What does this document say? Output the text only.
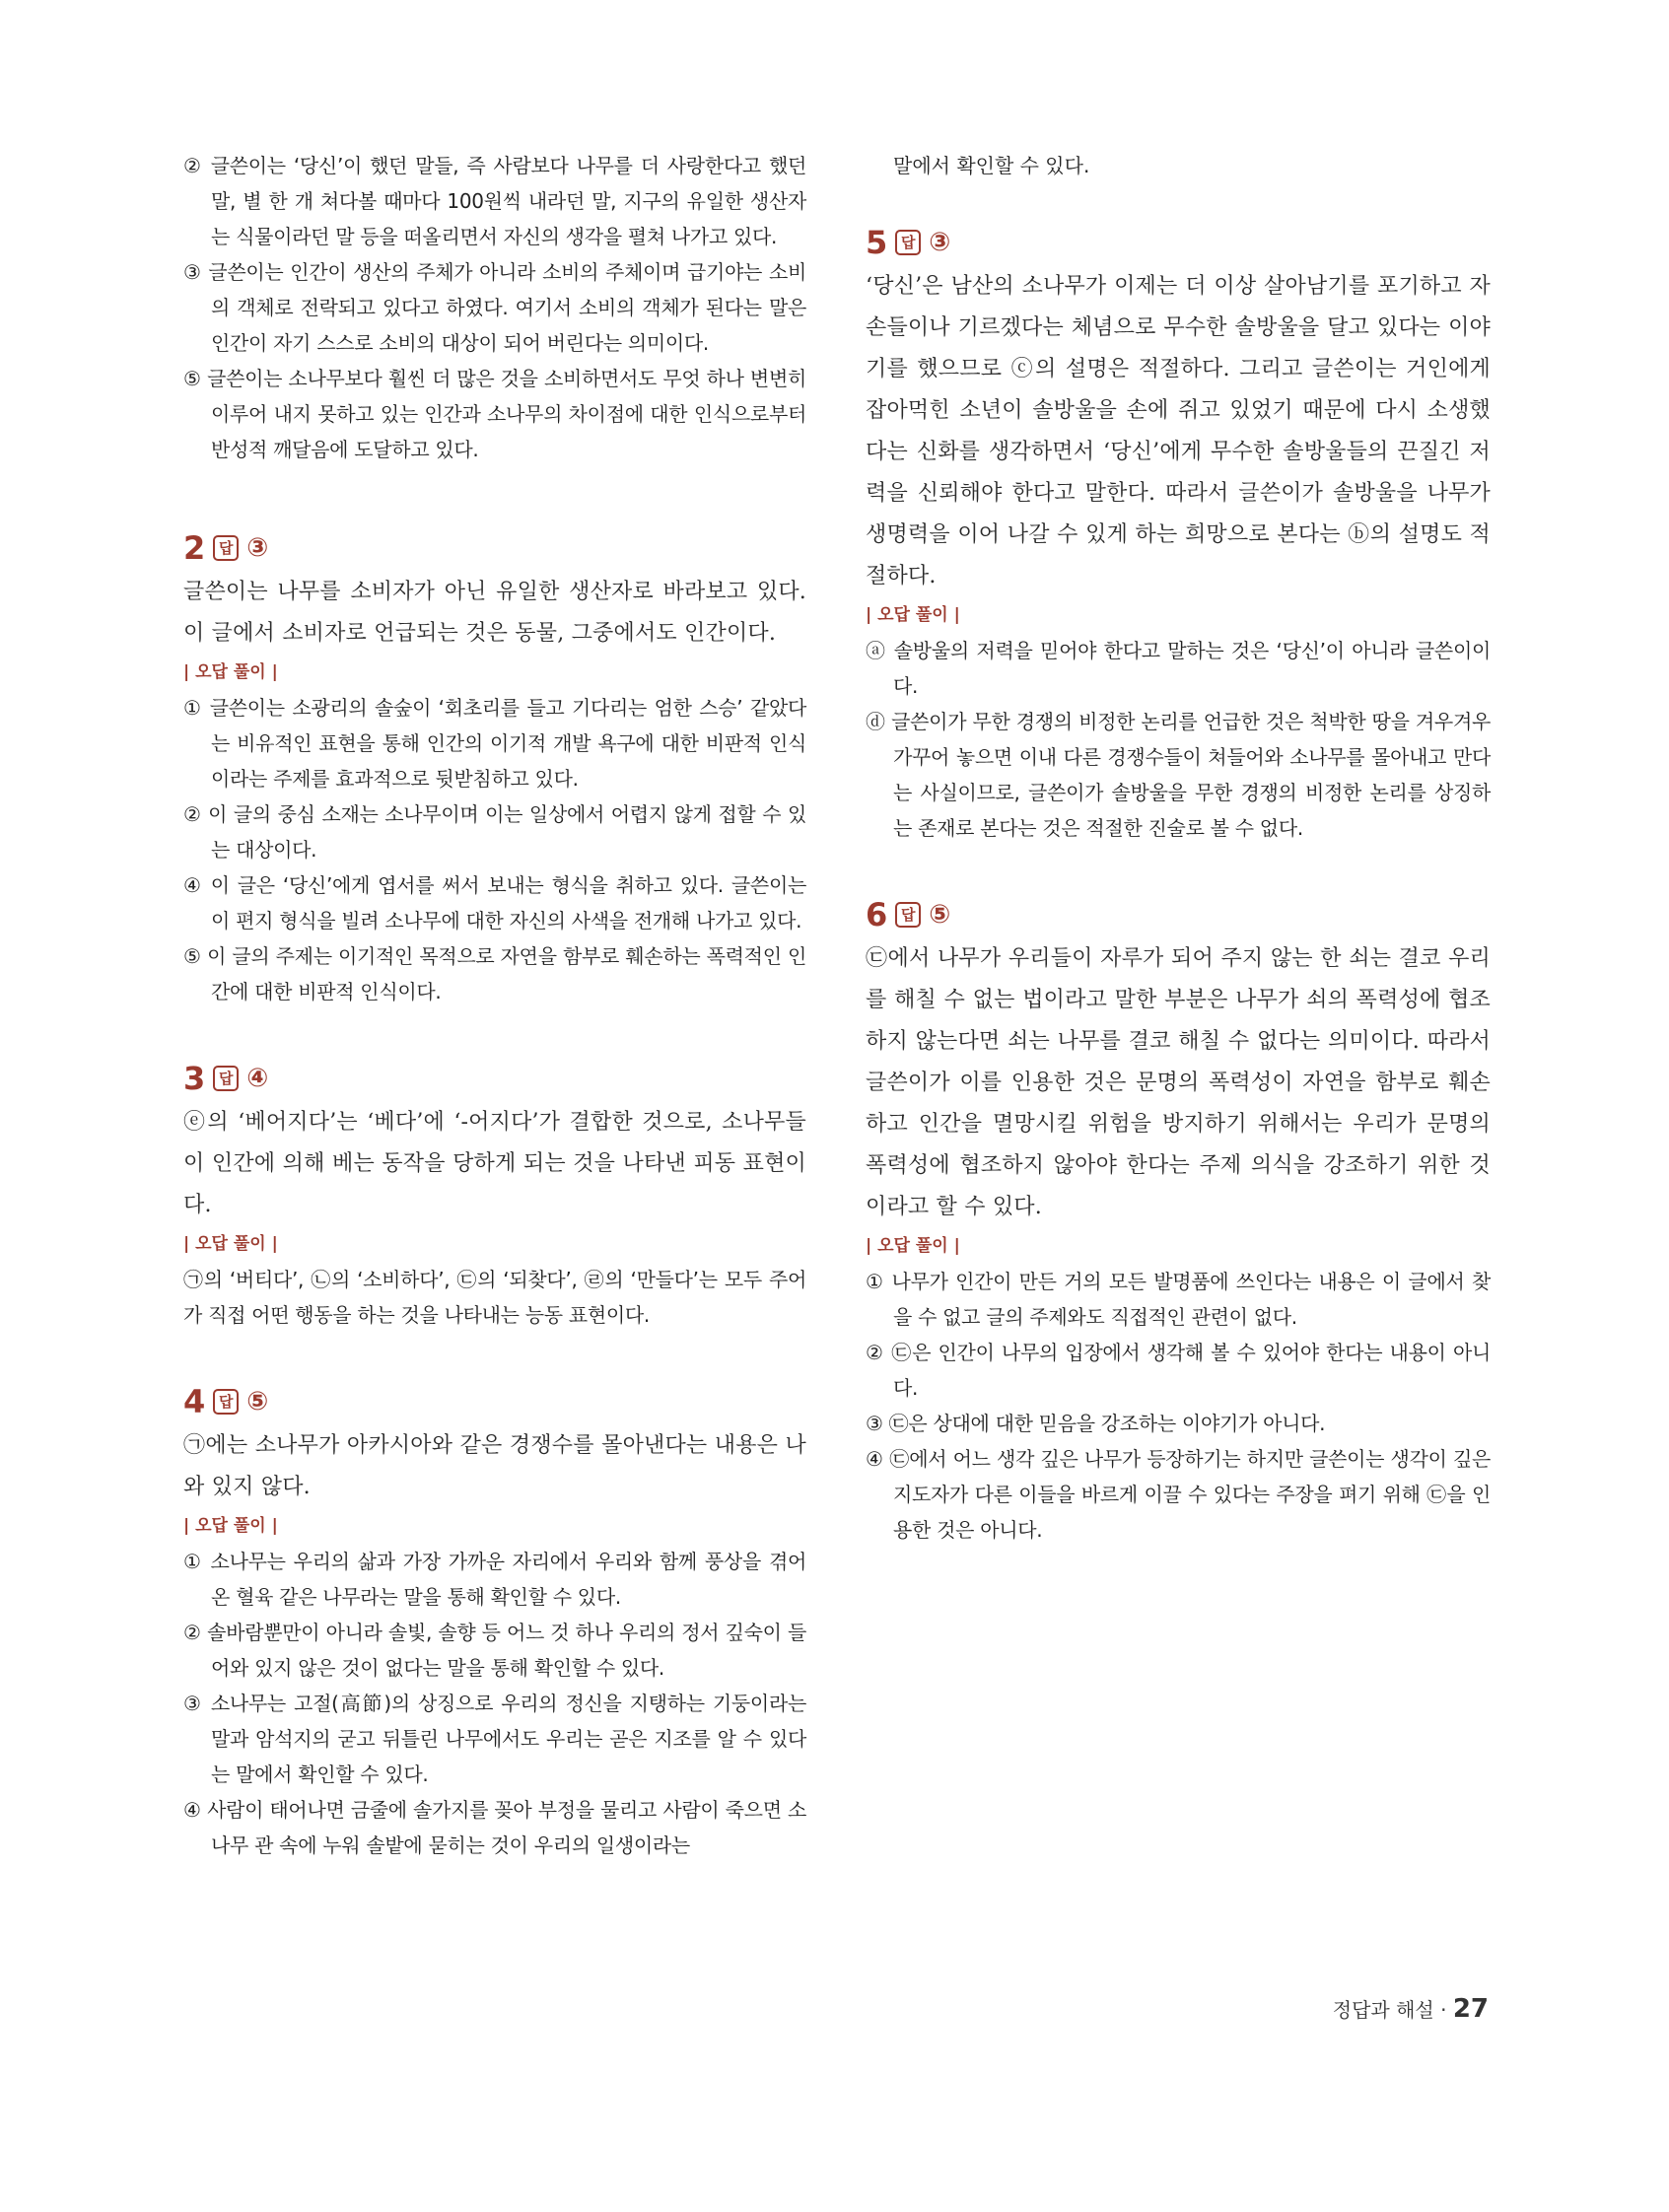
② 글쓴이는 ‘당신’이 했던 말들, 즉 사람보다 나무를 더 사랑한다고 했던 말, 별 한 개 쳐다볼 때마다 100원씩 내라던 말, 지구의 유일한 생산자는 식물이라던 말 등을 떠올리면서 자신의 생각을 펼쳐 나가고 있다.
③ 글쓴이는 인간이 생산의 주체가 아니라 소비의 주체이며 급기야는 소비의 객체로 전락되고 있다고 하였다. 여기서 소비의 객체가 된다는 말은 인간이 자기 스스로 소비의 대상이 되어 버린다는 의미이다.
⑤ 글쓴이는 소나무보다 훨씬 더 많은 것을 소비하면서도 무엇 하나 변변히 이루어 내지 못하고 있는 인간과 소나무의 차이점에 대한 인식으로부터 반성적 깨달음에 도달하고 있다.
2 답 ③
글쓴이는 나무를 소비자가 아닌 유일한 생산자로 바라보고 있다. 이 글에서 소비자로 언급되는 것은 동물, 그중에서도 인간이다.
| 오답 풀이 |
① 글쓴이는 소광리의 솔숲이 ‘회초리를 들고 기다리는 엄한 스승’ 같았다는 비유적인 표현을 통해 인간의 이기적 개발 욕구에 대한 비판적 인식이라는 주제를 효과적으로 뒷받침하고 있다.
② 이 글의 중심 소재는 소나무이며 이는 일상에서 어렵지 않게 접할 수 있는 대상이다.
④ 이 글은 ‘당신’에게 엽서를 써서 보내는 형식을 취하고 있다. 글쓴이는 이 편지 형식을 빌려 소나무에 대한 자신의 사색을 전개해 나가고 있다.
⑤ 이 글의 주제는 이기적인 목적으로 자연을 함부로 훼손하는 폭력적인 인간에 대한 비판적 인식이다.
3 답 ④
ⓔ의 ‘베어지다’는 ‘베다’에 ‘-어지다’가 결합한 것으로, 소나무들이 인간에 의해 베는 동작을 당하게 되는 것을 나타낸 피동 표현이다.
| 오답 풀이 |
㉠의 ‘버티다’, ㉡의 ‘소비하다’, ㉢의 ‘되찾다’, ㉣의 ‘만들다’는 모두 주어가 직접 어떤 행동을 하는 것을 나타내는 능동 표현이다.
4 답 ⑤
㉠에는 소나무가 아카시아와 같은 경쟁수를 몰아낸다는 내용은 나와 있지 않다.
| 오답 풀이 |
① 소나무는 우리의 삶과 가장 가까운 자리에서 우리와 함께 풍상을 겪어 온 혈육 같은 나무라는 말을 통해 확인할 수 있다.
② 솔바람뿐만이 아니라 솔빛, 솔향 등 어느 것 하나 우리의 정서 깊숙이 들어와 있지 않은 것이 없다는 말을 통해 확인할 수 있다.
③ 소나무는 고절(高節)의 상징으로 우리의 정신을 지탱하는 기둥이라는 말과 암석지의 굳고 뒤틀린 나무에서도 우리는 곧은 지조를 알 수 있다는 말에서 확인할 수 있다.
④ 사람이 태어나면 금줄에 솔가지를 꽂아 부정을 물리고 사람이 죽으면 소나무 관 속에 누워 솔밭에 묻히는 것이 우리의 일생이라는
말에서 확인할 수 있다.
5 답 ③
‘당신’은 남산의 소나무가 이제는 더 이상 살아남기를 포기하고 자손들이나 기르겠다는 체념으로 무수한 솔방울을 달고 있다는 이야기를 했으므로 ⓒ의 설명은 적절하다. 그리고 글쓴이는 거인에게 잡아먹힌 소년이 솔방울을 손에 쥐고 있었기 때문에 다시 소생했다는 신화를 생각하면서 ‘당신’에게 무수한 솔방울들의 끈질긴 저력을 신뢰해야 한다고 말한다. 따라서 글쓴이가 솔방울을 나무가 생명력을 이어 나갈 수 있게 하는 희망으로 본다는 ⓑ의 설명도 적절하다.
| 오답 풀이 |
ⓐ 솔방울의 저력을 믿어야 한다고 말하는 것은 ‘당신’이 아니라 글쓴이이다.
ⓓ 글쓴이가 무한 경쟁의 비정한 논리를 언급한 것은 척박한 땅을 겨우겨우 가꾸어 놓으면 이내 다른 경쟁수들이 쳐들어와 소나무를 몰아내고 만다는 사실이므로, 글쓴이가 솔방울을 무한 경쟁의 비정한 논리를 상징하는 존재로 본다는 것은 적절한 진술로 볼 수 없다.
6 답 ⑤
㉢에서 나무가 우리들이 자루가 되어 주지 않는 한 쇠는 결코 우리를 해칠 수 없는 법이라고 말한 부분은 나무가 쇠의 폭력성에 협조하지 않는다면 쇠는 나무를 결코 해칠 수 없다는 의미이다. 따라서 글쓴이가 이를 인용한 것은 문명의 폭력성이 자연을 함부로 훼손하고 인간을 멸망시킬 위험을 방지하기 위해서는 우리가 문명의 폭력성에 협조하지 않아야 한다는 주제 의식을 강조하기 위한 것이라고 할 수 있다.
| 오답 풀이 |
① 나무가 인간이 만든 거의 모든 발명품에 쓰인다는 내용은 이 글에서 찾을 수 없고 글의 주제와도 직접적인 관련이 없다.
② ㉢은 인간이 나무의 입장에서 생각해 볼 수 있어야 한다는 내용이 아니다.
③ ㉢은 상대에 대한 믿음을 강조하는 이야기가 아니다.
④ ㉢에서 어느 생각 깊은 나무가 등장하기는 하지만 글쓴이는 생각이 깊은 지도자가 다른 이들을 바르게 이끌 수 있다는 주장을 펴기 위해 ㉢을 인용한 것은 아니다.
정답과 해설 · 27
